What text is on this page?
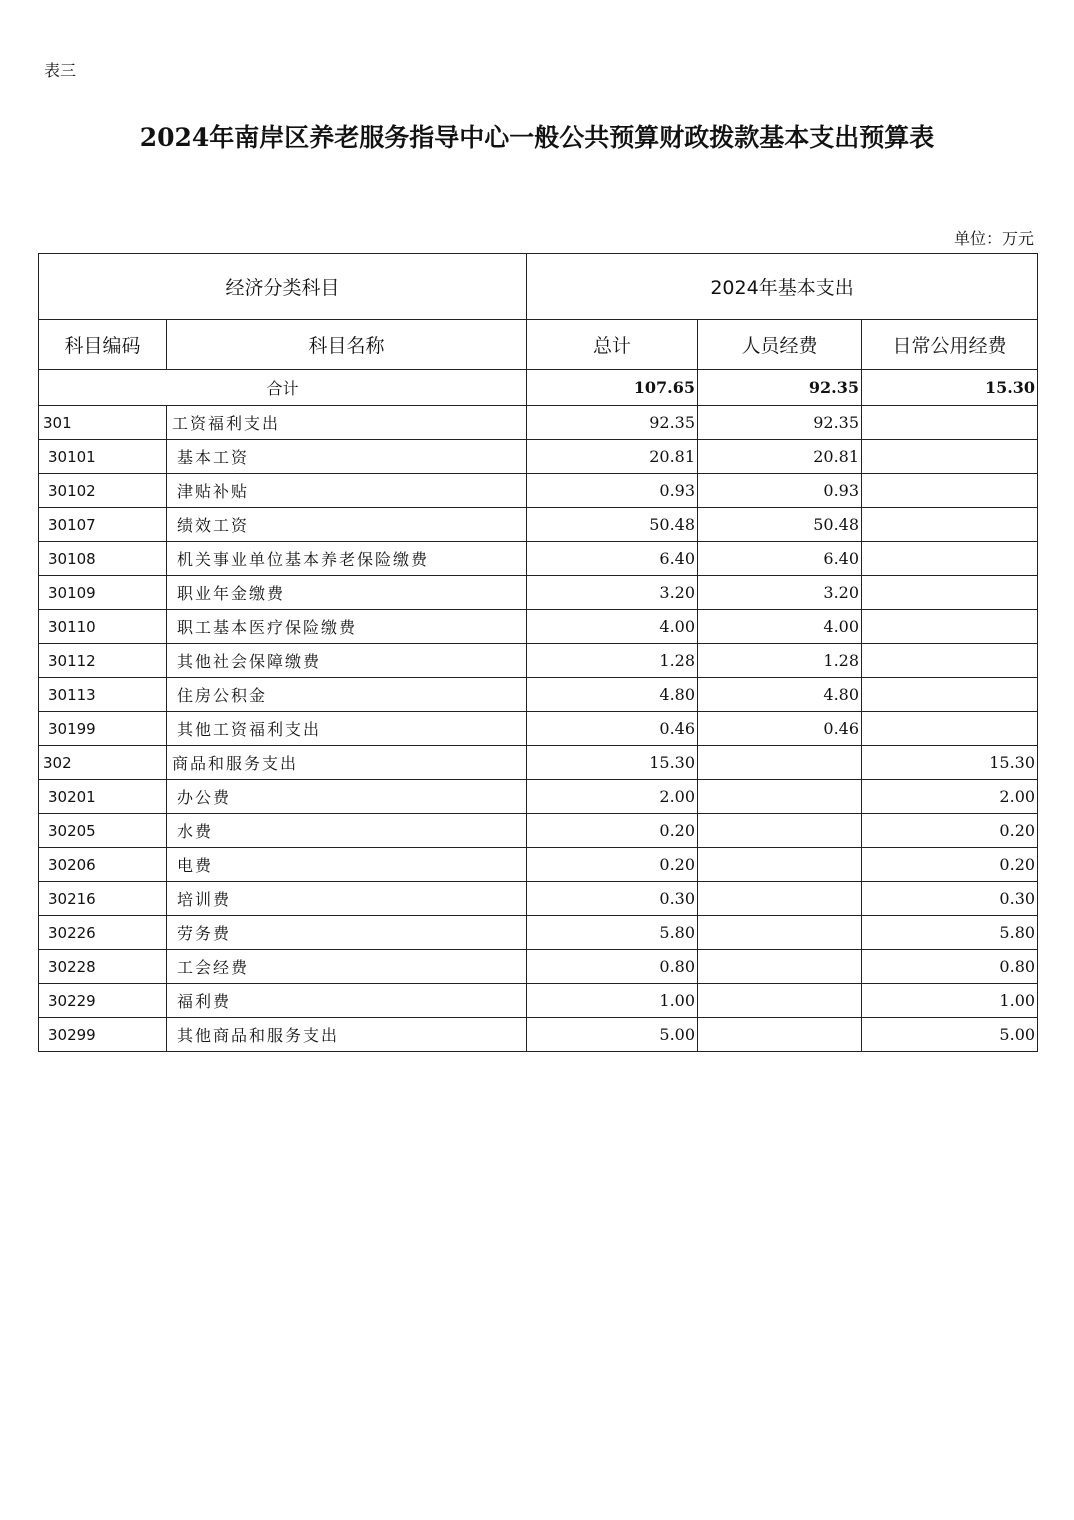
表三
2024年南岸区养老服务指导中心一般公共预算财政拨款基本支出预算表
单位：万元
经济分类科目		2024年基本支出		
科目编码	科目名称	总计	人员经费	日常公用经费
合计		107.65	92.35	15.30
301	工资福利支出	92.35	92.35	
30101	基本工资	20.81	20.81	
30102	津贴补贴	0.93	0.93	
30107	绩效工资	50.48	50.48	
30108	机关事业单位基本养老保险缴费	6.40	6.40	
30109	职业年金缴费	3.20	3.20	
30110	职工基本医疗保险缴费	4.00	4.00	
30112	其他社会保障缴费	1.28	1.28	
30113	住房公积金	4.80	4.80	
30199	其他工资福利支出	0.46	0.46	
302	商品和服务支出	15.30		15.30
30201	办公费	2.00		2.00
30205	水费	0.20		0.20
30206	电费	0.20		0.20
30216	培训费	0.30		0.30
30226	劳务费	5.80		5.80
30228	工会经费	0.80		0.80
30229	福利费	1.00		1.00
30299	其他商品和服务支出	5.00		5.00
